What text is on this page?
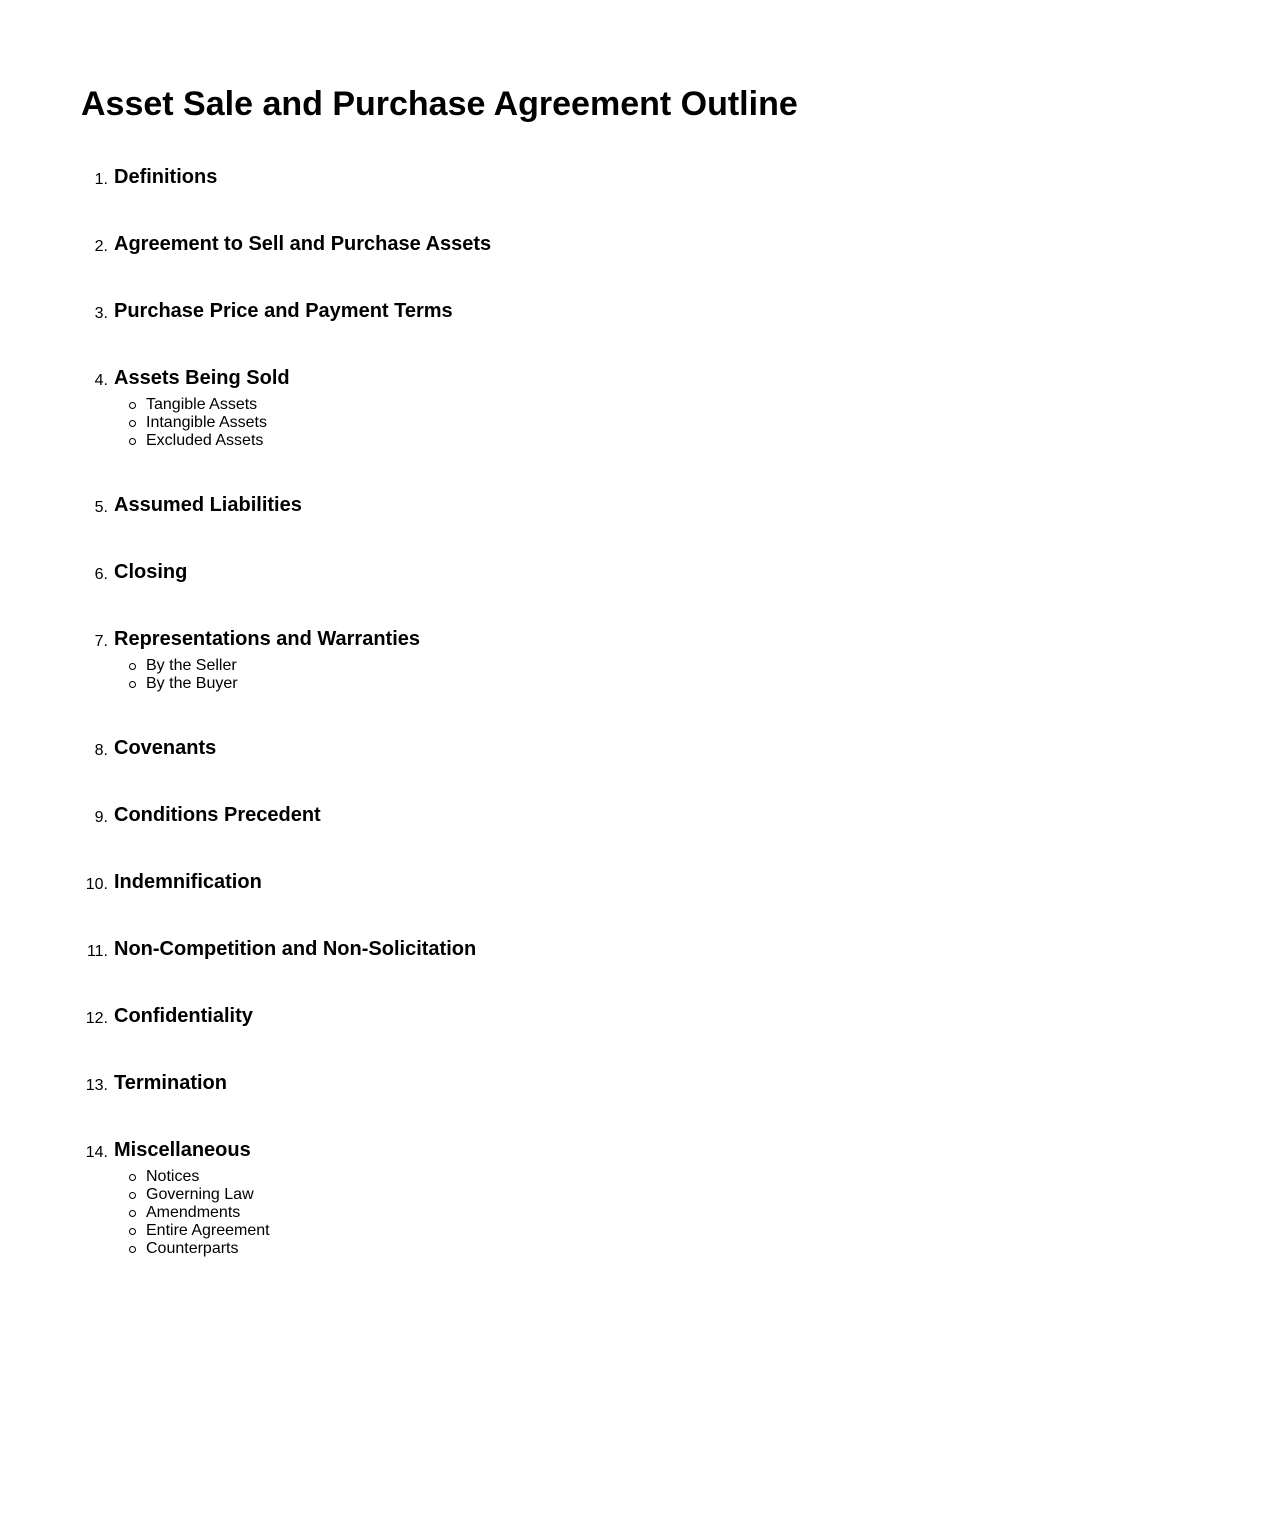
Asset Sale and Purchase Agreement Outline
1. Definitions
2. Agreement to Sell and Purchase Assets
3. Purchase Price and Payment Terms
4. Assets Being Sold
Tangible Assets
Intangible Assets
Excluded Assets
5. Assumed Liabilities
6. Closing
7. Representations and Warranties
By the Seller
By the Buyer
8. Covenants
9. Conditions Precedent
10. Indemnification
11. Non-Competition and Non-Solicitation
12. Confidentiality
13. Termination
14. Miscellaneous
Notices
Governing Law
Amendments
Entire Agreement
Counterparts
